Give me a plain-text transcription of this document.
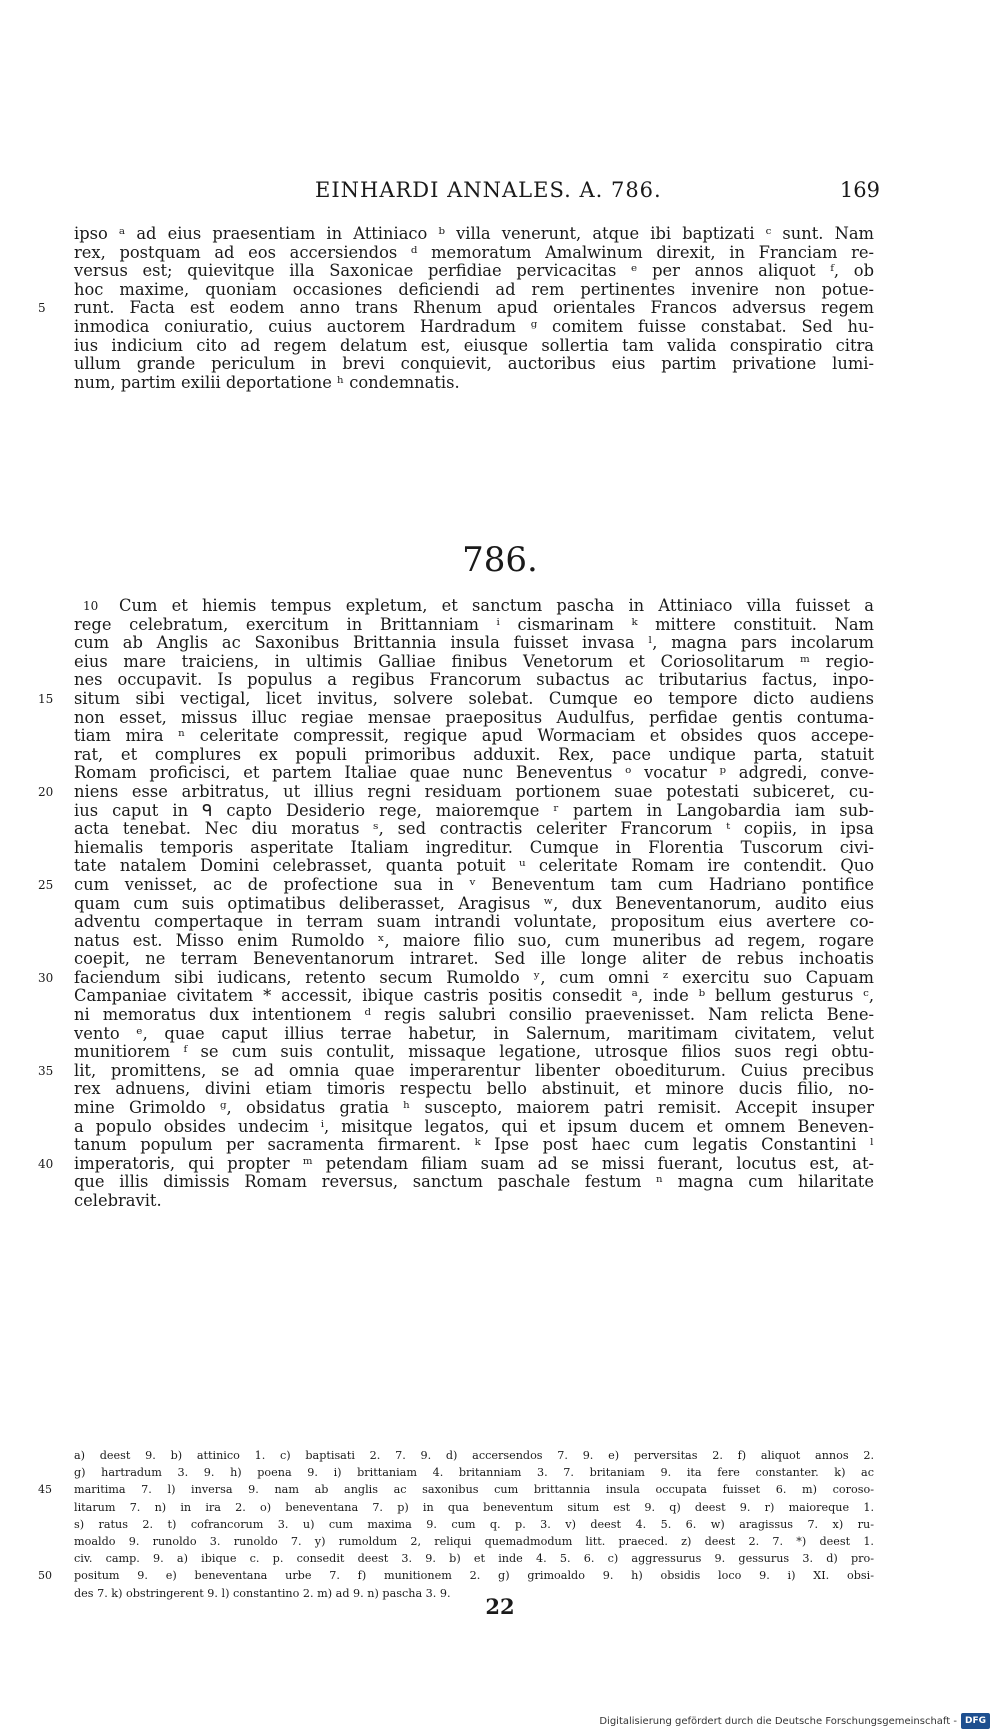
EINHARDI ANNALES. A. 786.	169
ipso ᵃ ad eius praesentiam in Attiniaco ᵇ villa venerunt, atque ibi baptizati ᶜ sunt. Nam
rex, postquam ad eos accersiendos ᵈ memoratum Amalwinum direxit, in Franciam re-
versus est; quievitque illa Saxonicae perfidiae pervicacitas ᵉ per annos aliquot ᶠ, ob
hoc maxime, quoniam occasiones deficiendi ad rem pertinentes invenire non potue-
5	runt. Facta est eodem anno trans Rhenum apud orientales Francos adversus regem
inmodica coniuratio, cuius auctorem Hardradum ᵍ comitem fuisse constabat. Sed hu-
ius indicium cito ad regem delatum est, eiusque sollertia tam valida conspiratio citra
ullum grande periculum in brevi conquievit, auctoribus eius partim privatione lumi-
num, partim exilii deportatione ʰ condemnatis.
786.
10 Cum et hiemis tempus expletum, et sanctum pascha in Attiniaco villa fuisset a
rege celebratum, exercitum in Brittanniam ⁱ cismarinam ᵏ mittere constituit. Nam
cum ab Anglis ac Saxonibus Brittannia insula fuisset invasa ˡ, magna pars incolarum
eius mare traiciens, in ultimis Galliae finibus Venetorum et Coriosolitarum ᵐ regio-
nes occupavit. Is populus a regibus Francorum subactus ac tributarius factus, inpo-
15	situm sibi vectigal, licet invitus, solvere solebat. Cumque eo tempore dicto audiens
non esset, missus illuc regiae mensae praepositus Audulfus, perfidae gentis contuma-
tiam mira ⁿ celeritate compressit, regique apud Wormaciam et obsides quos accepe-
rat, et complures ex populi primoribus adduxit. Rex, pace undique parta, statuit
Romam proficisci, et partem Italiae quae nunc Beneventus ᵒ vocatur ᵖ adgredi, conve-
20	niens esse arbitratus, ut illius regni residuam portionem suae potestati subiceret, cu-
ius caput in ᑫ capto Desiderio rege, maioremque ʳ partem in Langobardia iam sub-
acta tenebat. Nec diu moratus ˢ, sed contractis celeriter Francorum ᵗ copiis, in ipsa
hiemalis temporis asperitate Italiam ingreditur. Cumque in Florentia Tuscorum civi-
tate natalem Domini celebrasset, quanta potuit ᵘ celeritate Romam ire contendit. Quo
25	cum venisset, ac de profectione sua in ᵛ Beneventum tam cum Hadriano pontifice
quam cum suis optimatibus deliberasset, Aragisus ʷ, dux Beneventanorum, audito eius
adventu compertaque in terram suam intrandi voluntate, propositum eius avertere co-
natus est. Misso enim Rumoldo ˣ, maiore filio suo, cum muneribus ad regem, rogare
coepit, ne terram Beneventanorum intraret. Sed ille longe aliter de rebus inchoatis
30	faciendum sibi iudicans, retento secum Rumoldo ʸ, cum omni ᶻ exercitu suo Capuam
Campaniae civitatem * accessit, ibique castris positis consedit ᵃ, inde ᵇ bellum gesturus ᶜ,
ni memoratus dux intentionem ᵈ regis salubri consilio praevenisset. Nam relicta Bene-
vento ᵉ, quae caput illius terrae habetur, in Salernum, maritimam civitatem, velut
munitiorem ᶠ se cum suis contulit, missaque legatione, utrosque filios suos regi obtu-
35	lit, promittens, se ad omnia quae imperarentur libenter oboediturum. Cuius precibus
rex adnuens, divini etiam timoris respectu bello abstinuit, et minore ducis filio, no-
mine Grimoldo ᵍ, obsidatus gratia ʰ suscepto, maiorem patri remisit. Accepit insuper
a populo obsides undecim ⁱ, misitque legatos, qui et ipsum ducem et omnem Beneven-
tanum populum per sacramenta firmarent. ᵏ Ipse post haec cum legatis Constantini ˡ
40	imperatoris, qui propter ᵐ petendam filiam suam ad se missi fuerant, locutus est, at-
que illis dimissis Romam reversus, sanctum paschale festum ⁿ magna cum hilaritate
celebravit.
a) deest 9. b) attinico 1. c) baptisati 2. 7. 9. d) accersendos 7. 9. e) perversitas 2. f) aliquot annos 2.
g) hartradum 3. 9. h) poena 9. i) brittaniam 4. britanniam 3. 7. britaniam 9. ita fere constanter. k) ac
45	maritima 7. l) inversa 9. nam ab anglis ac saxonibus cum brittannia insula occupata fuisset 6. m) coroso-
litarum 7. n) in ira 2. o) beneventana 7. p) in qua beneventum situm est 9. q) deest 9. r) maioreque 1.
s) ratus 2. t) cofrancorum 3. u) cum maxima 9. cum q. p. 3. v) deest 4. 5. 6. w) aragissus 7. x) ru-
moaldo 9. runoldo 3. runoldo 7. y) rumoldum 2, reliqui quemadmodum litt. praeced. z) deest 2. 7. *) deest 1.
civ. camp. 9. a) ibique c. p. consedit deest 3. 9. b) et inde 4. 5. 6. c) aggressurus 9. gessurus 3. d) pro-
50	positum 9. e) beneventana urbe 7. f) munitionem 2. g) grimoaldo 9. h) obsidis loco 9. i) XI. obsi-
des 7. k) obstringerent 9. l) constantino 2. m) ad 9. n) pascha 3. 9.
22
Digitalisierung gefördert durch die Deutsche Forschungsgemeinschaft - DFG
